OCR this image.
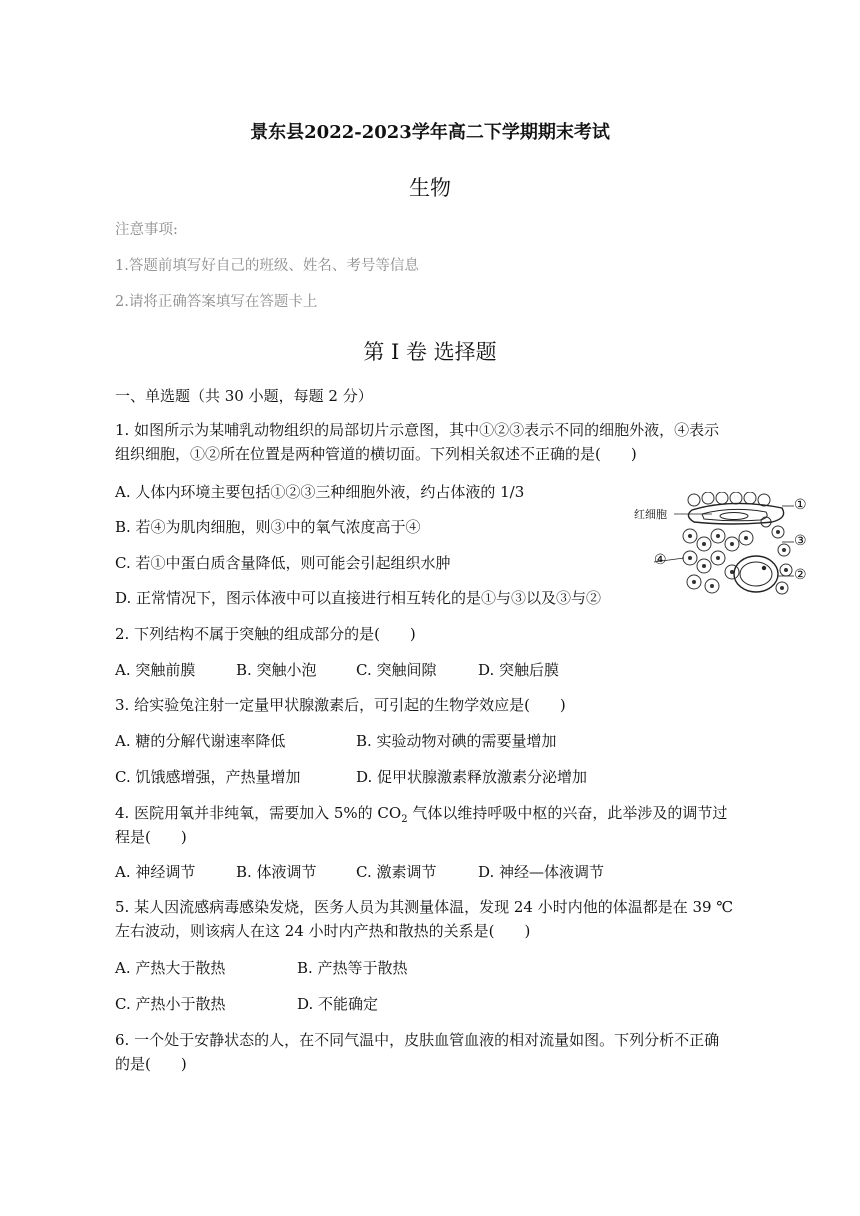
景东县2022-2023学年高二下学期期末考试
生物
注意事项:
1.答题前填写好自己的班级、姓名、考号等信息
2.请将正确答案填写在答题卡上
第 I 卷 选择题
一、单选题（共 30 小题，每题 2 分）
1. 如图所示为某哺乳动物组织的局部切片示意图，其中①②③表示不同的细胞外液，④表示
组织细胞，①②所在位置是两种管道的横切面。下列相关叙述不正确的是(　　)
A. 人体内环境主要包括①②③三种细胞外液，约占体液的 1/3
B. 若④为肌肉细胞，则③中的氧气浓度高于④
C. 若①中蛋白质含量降低，则可能会引起组织水肿
D. 正常情况下，图示体液中可以直接进行相互转化的是①与③以及③与②
红细胞
①
③
②
④
2. 下列结构不属于突触的组成部分的是(　　)
A. 突触前膜	B. 突触小泡	C. 突触间隙	D. 突触后膜
3. 给实验兔注射一定量甲状腺激素后，可引起的生物学效应是(　　)
A. 糖的分解代谢速率降低	B. 实验动物对碘的需要量增加
C. 饥饿感增强，产热量增加	D. 促甲状腺激素释放激素分泌增加
4. 医院用氧并非纯氧，需要加入 5%的 $CO_2$ 气体以维持呼吸中枢的兴奋，此举涉及的调节过
程是(　　)
A. 神经调节	B. 体液调节	C. 激素调节	D. 神经—体液调节
5. 某人因流感病毒感染发烧，医务人员为其测量体温，发现 24 小时内他的体温都是在 39 ℃
左右波动，则该病人在这 24 小时内产热和散热的关系是(　　)
A. 产热大于散热	B. 产热等于散热
C. 产热小于散热	D. 不能确定
6. 一个处于安静状态的人，在不同气温中，皮肤血管血液的相对流量如图。下列分析不正确
的是(　　)
